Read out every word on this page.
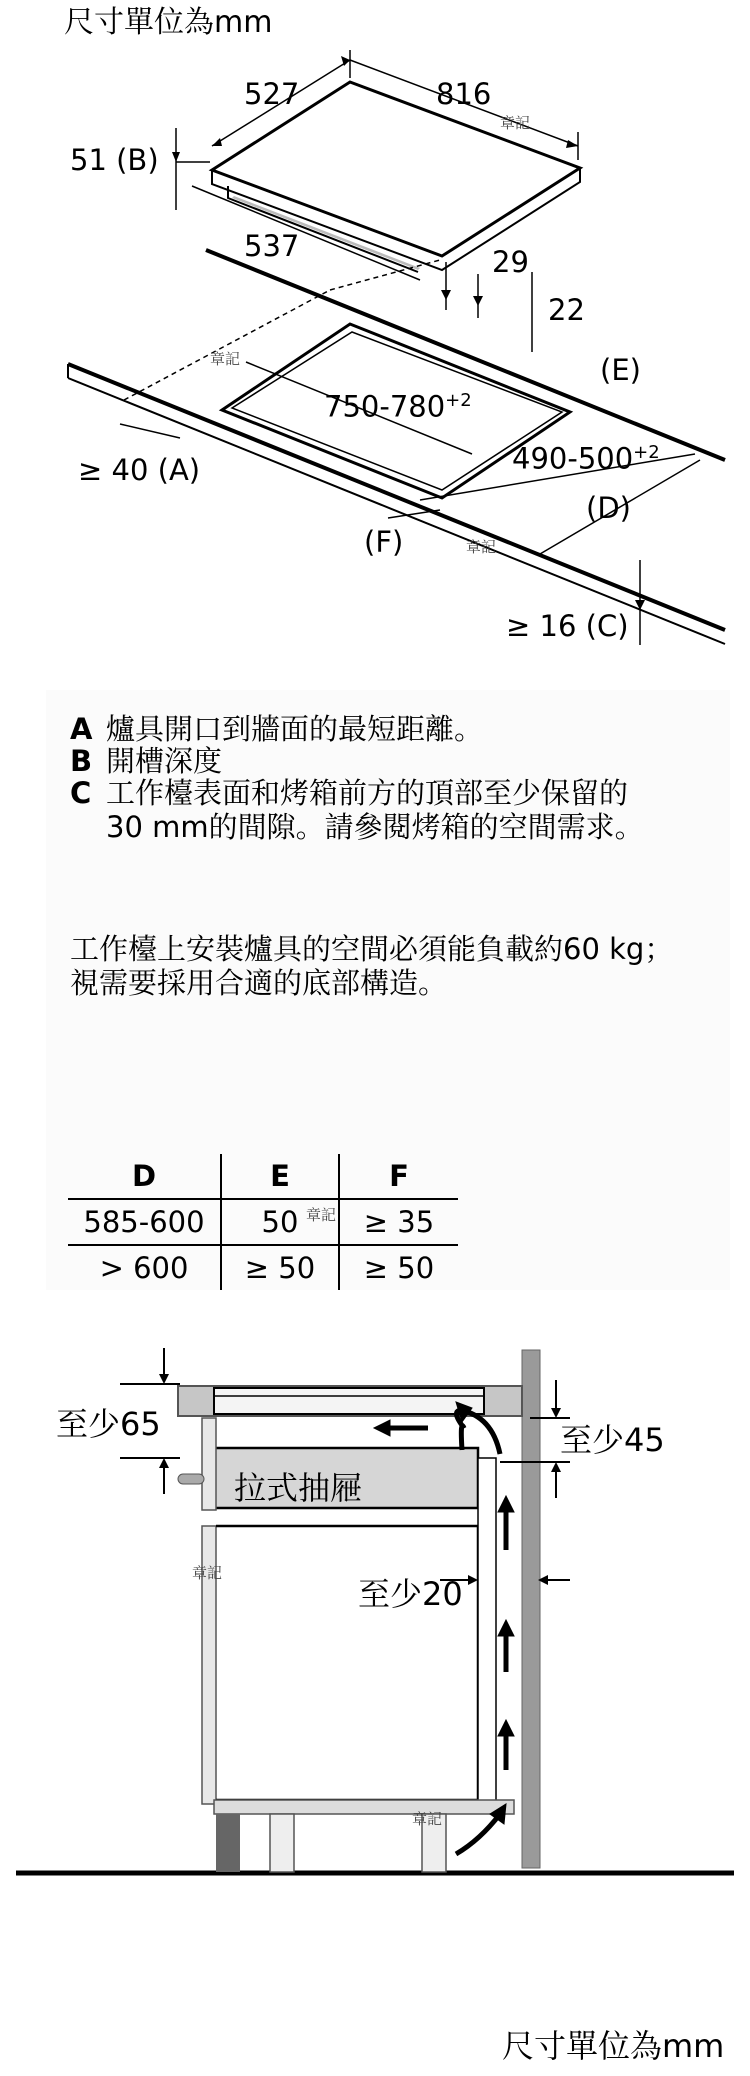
尺寸單位為mm
527	816
章記
51 (B)
537	29
22
章記	(E)
$750-780^{+2}$
$490-500^{+2}$
≥ 40 (A)
(D)
(F)	章記
≥ 16 (C)
A 爐具開口到牆面的最短距離。
B 開槽深度
C 工作檯表面和烤箱前方的頂部至少保留的
30 mm的間隙。請參閱烤箱的空間需求。
工作檯上安裝爐具的空間必須能負載約60 kg；
視需要採用合適的底部構造。
D	E	F
585-600	50	≥ 35
> 600	≥ 50	≥ 50
章記
至少65	至少45
拉式抽屜
章記
至少20
章記
尺寸單位為mm
